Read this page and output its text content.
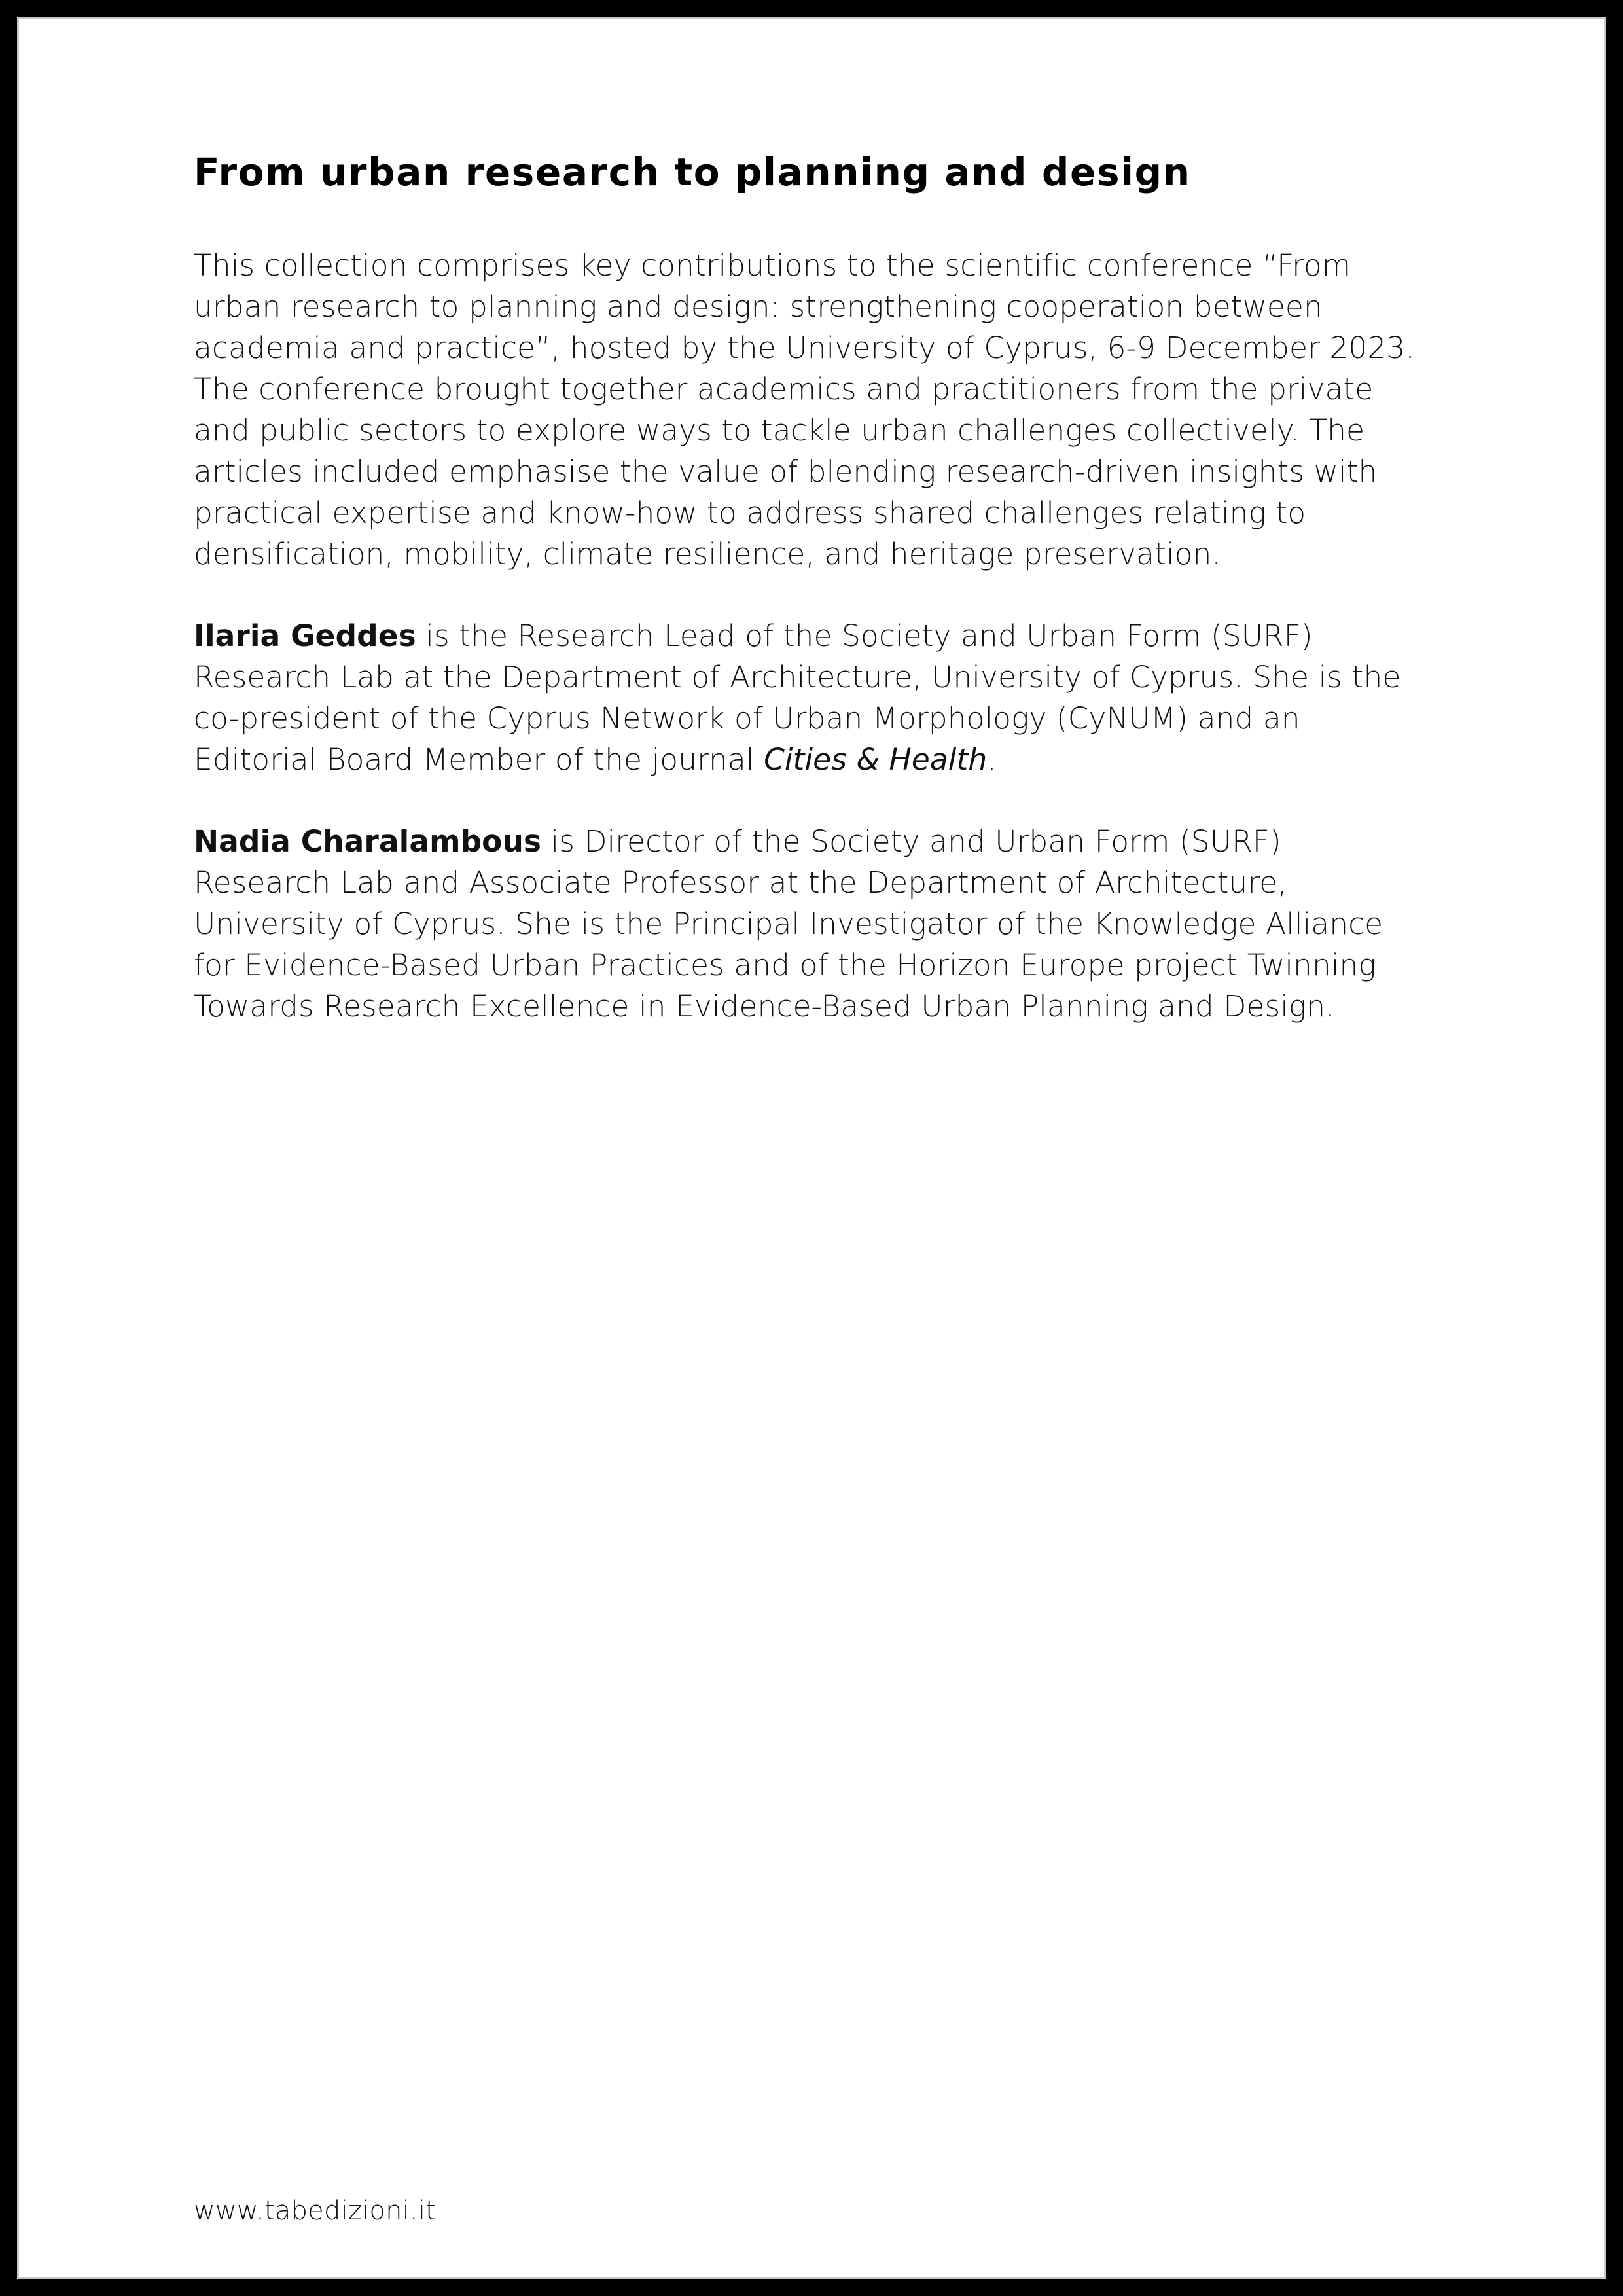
From urban research to planning and design

This collection comprises key contributions to the scientific conference “From urban research to planning and design: strengthening cooperation between academia and practice”, hosted by the University of Cyprus, 6-9 December 2023. The conference brought together academics and practitioners from the private and public sectors to explore ways to tackle urban challenges collectively. The articles included emphasise the value of blending research-driven insights with practical expertise and know-how to address shared challenges relating to densification, mobility, climate resilience, and heritage preservation.

Ilaria Geddes is the Research Lead of the Society and Urban Form (SURF) Research Lab at the Department of Architecture, University of Cyprus. She is the co-president of the Cyprus Network of Urban Morphology (CyNUM) and an Editorial Board Member of the journal Cities & Health.

Nadia Charalambous is Director of the Society and Urban Form (SURF) Research Lab and Associate Professor at the Department of Architecture, University of Cyprus. She is the Principal Investigator of the Knowledge Alliance for Evidence-Based Urban Practices and of the Horizon Europe project Twinning Towards Research Excellence in Evidence-Based Urban Planning and Design.

www.tabedizioni.it
